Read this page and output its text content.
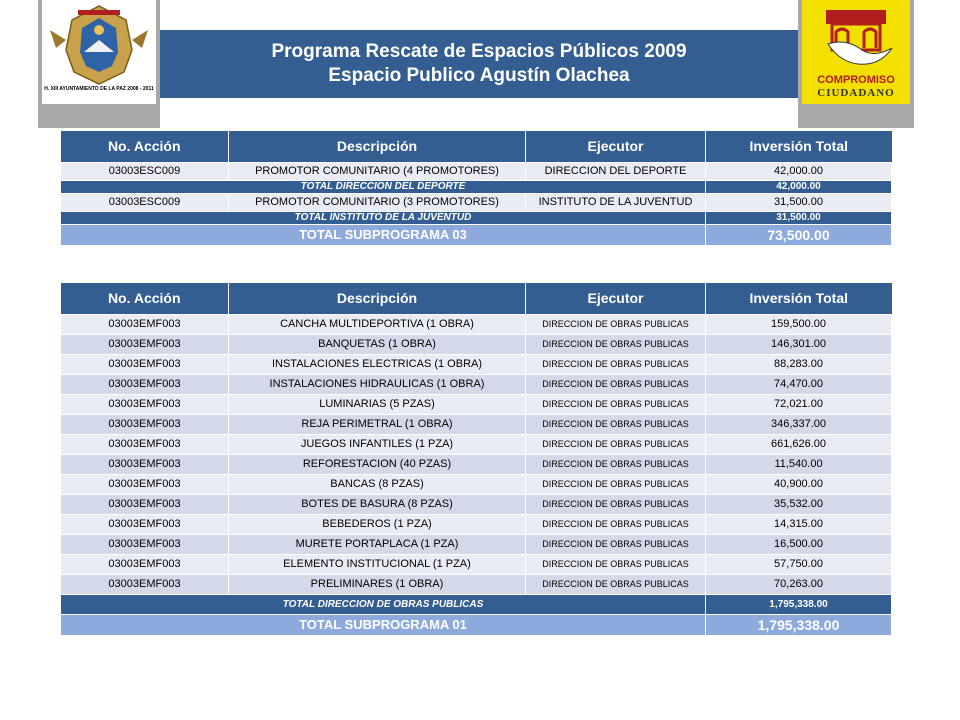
H. XIII AYUNTAMIENTO DE LA PAZ 2008 - 2011
COMPROMISO
CIUDADANO
Programa Rescate de Espacios Públicos 2009
Espacio Publico Agustín Olachea
No. Acción	Descripción	Ejecutor	Inversión Total
03003ESC009	PROMOTOR COMUNITARIO (4 PROMOTORES)	DIRECCION DEL DEPORTE	42,000.00
TOTAL DIRECCION DEL DEPORTE			42,000.00
03003ESC009	PROMOTOR COMUNITARIO (3 PROMOTORES)	INSTITUTO DE LA JUVENTUD	31,500.00
TOTAL INSTITUTO DE LA JUVENTUD			31,500.00
TOTAL SUBPROGRAMA 03			73,500.00
No. Acción	Descripción	Ejecutor	Inversión Total
03003EMF003	CANCHA MULTIDEPORTIVA (1 OBRA)	DIRECCION DE OBRAS PUBLICAS	159,500.00
03003EMF003	BANQUETAS (1 OBRA)	DIRECCION DE OBRAS PUBLICAS	146,301.00
03003EMF003	INSTALACIONES ELECTRICAS (1 OBRA)	DIRECCION DE OBRAS PUBLICAS	88,283.00
03003EMF003	INSTALACIONES HIDRAULICAS (1 OBRA)	DIRECCION DE OBRAS PUBLICAS	74,470.00
03003EMF003	LUMINARIAS (5 PZAS)	DIRECCION DE OBRAS PUBLICAS	72,021.00
03003EMF003	REJA PERIMETRAL (1 OBRA)	DIRECCION DE OBRAS PUBLICAS	346,337.00
03003EMF003	JUEGOS INFANTILES (1 PZA)	DIRECCION DE OBRAS PUBLICAS	661,626.00
03003EMF003	REFORESTACION (40 PZAS)	DIRECCION DE OBRAS PUBLICAS	11,540.00
03003EMF003	BANCAS (8 PZAS)	DIRECCION DE OBRAS PUBLICAS	40,900.00
03003EMF003	BOTES DE BASURA (8 PZAS)	DIRECCION DE OBRAS PUBLICAS	35,532.00
03003EMF003	BEBEDEROS (1 PZA)	DIRECCION DE OBRAS PUBLICAS	14,315.00
03003EMF003	MURETE PORTAPLACA (1 PZA)	DIRECCION DE OBRAS PUBLICAS	16,500.00
03003EMF003	ELEMENTO INSTITUCIONAL (1 PZA)	DIRECCION DE OBRAS PUBLICAS	57,750.00
03003EMF003	PRELIMINARES (1 OBRA)	DIRECCION DE OBRAS PUBLICAS	70,263.00
TOTAL DIRECCION DE OBRAS PUBLICAS			1,795,338.00
TOTAL SUBPROGRAMA 01			1,795,338.00
